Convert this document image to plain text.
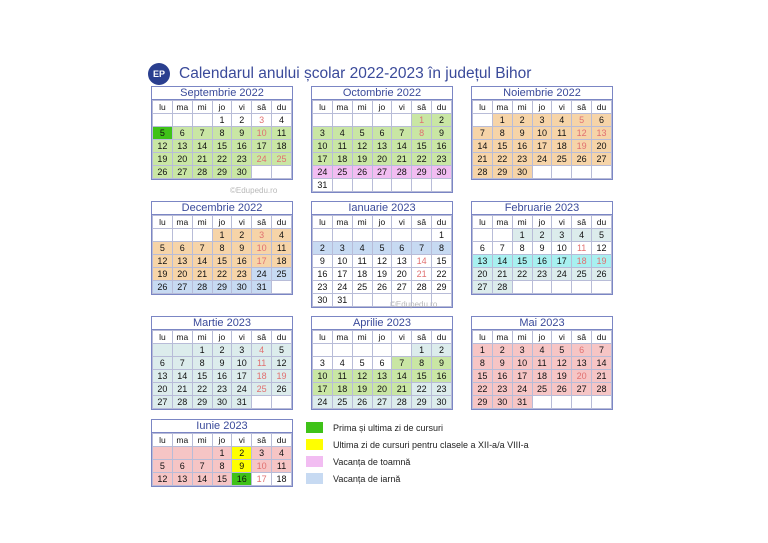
EP Calendarul anului școlar 2022-2023 în județul Bihor
Septembrie 2022
lu	ma	mi	jo	vi	sâ	du
			1	2	3	4
5	6	7	8	9	10	11
12	13	14	15	16	17	18
19	20	21	22	23	24	25
26	27	28	29	30		
Octombrie 2022
lu	ma	mi	jo	vi	sâ	du
					1	2
3	4	5	6	7	8	9
10	11	12	13	14	15	16
17	18	19	20	21	22	23
24	25	26	27	28	29	30
31						
Noiembrie 2022
lu	ma	mi	jo	vi	sâ	du
	1	2	3	4	5	6
7	8	9	10	11	12	13
14	15	16	17	18	19	20
21	22	23	24	25	26	27
28	29	30				
Decembrie 2022
lu	ma	mi	jo	vi	sâ	du
			1	2	3	4
5	6	7	8	9	10	11
12	13	14	15	16	17	18
19	20	21	22	23	24	25
26	27	28	29	30	31	
Ianuarie 2023
lu	ma	mi	jo	vi	sâ	du
						1
2	3	4	5	6	7	8
9	10	11	12	13	14	15
16	17	18	19	20	21	22
23	24	25	26	27	28	29
30	31					
Februarie 2023
lu	ma	mi	jo	vi	sâ	du
		1	2	3	4	5
6	7	8	9	10	11	12
13	14	15	16	17	18	19
20	21	22	23	24	25	26
27	28					
Martie 2023
lu	ma	mi	jo	vi	sâ	du
		1	2	3	4	5
6	7	8	9	10	11	12
13	14	15	16	17	18	19
20	21	22	23	24	25	26
27	28	29	30	31		
Aprilie 2023
lu	ma	mi	jo	vi	sâ	du
					1	2
3	4	5	6	7	8	9
10	11	12	13	14	15	16
17	18	19	20	21	22	23
24	25	26	27	28	29	30
Mai 2023
lu	ma	mi	jo	vi	sâ	du
1	2	3	4	5	6	7
8	9	10	11	12	13	14
15	16	17	18	19	20	21
22	23	24	25	26	27	28
29	30	31				
Iunie 2023
lu	ma	mi	jo	vi	sâ	du
			1	2	3	4
5	6	7	8	9	10	11
12	13	14	15	16	17	18
©Edupedu.ro
©Edupedu.ro
Prima și ultima zi de cursuri
Ultima zi de cursuri pentru clasele a XII-a/a VIII-a
Vacanța de toamnă
Vacanța de iarnă
